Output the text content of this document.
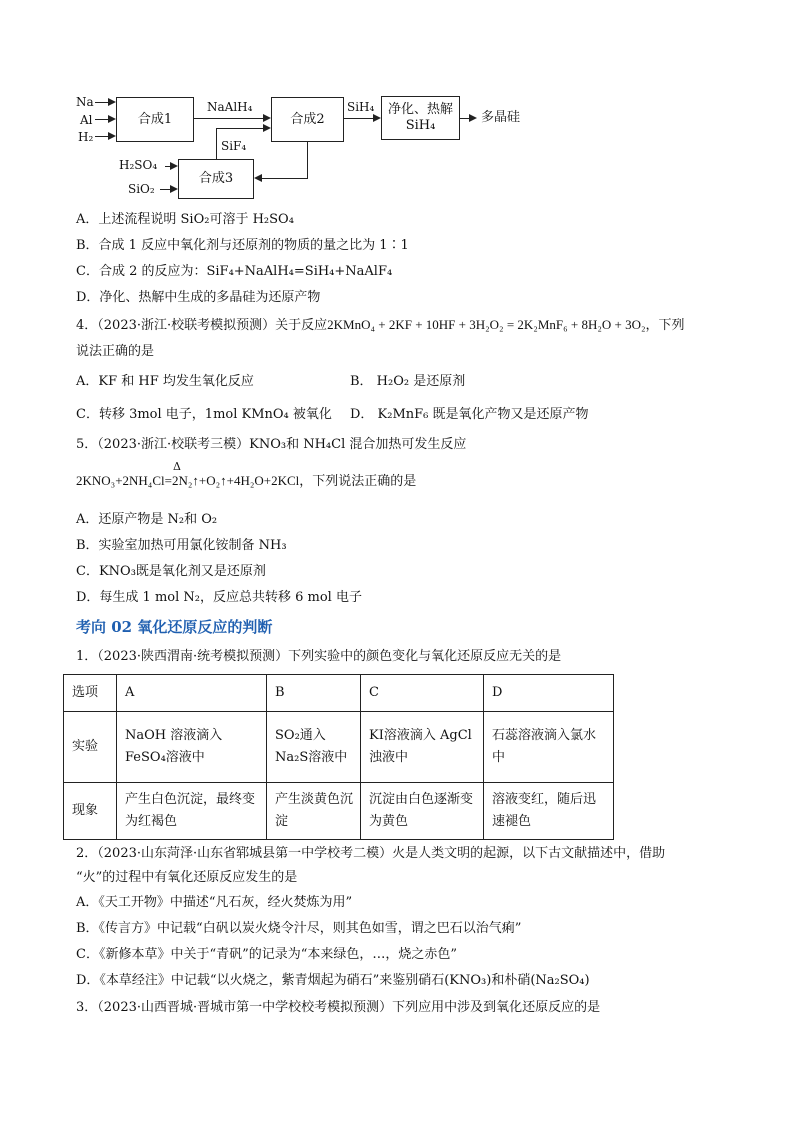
Na
Al
H₂
合成1
NaAlH₄
合成2
SiH₄ 净化、热解
SiH₄
多晶硅
SiF₄
合成3
H₂SO₄
SiO₂
A．上述流程说明 SiO₂可溶于 H₂SO₄
B．合成 1 反应中氧化剂与还原剂的物质的量之比为 1∶1
C．合成 2 的反应为：SiF₄+NaAlH₄=SiH₄+NaAlF₄
D．净化、热解中生成的多晶硅为还原产物
4．（2023·浙江·校联考模拟预测）关于反应2KMnO₄ + 2KF + 10HF + 3H₂O₂ = 2K₂MnF₆ + 8H₂O + 3O₂，下列
说法正确的是
A．KF 和 HF 均发生氧化反应	B． H₂O₂ 是还原剂
C．转移 3mol 电子，1mol KMnO₄ 被氧化 D． K₂MnF₆ 既是氧化产物又是还原产物
5．（2023·浙江·校联考三模）KNO₃和 NH₄Cl 混合加热可发生反应
Δ
2KNO₃+2NH₄Cl=2N₂↑+O₂↑+4H₂O+2KCl，下列说法正确的是
A．还原产物是 N₂和 O₂
B．实验室加热可用氯化铵制备 NH₃
C．KNO₃既是氧化剂又是还原剂
D．每生成 1 mol N₂，反应总共转移 6 mol 电子
考向 02 氧化还原反应的判断
1．（2023·陕西渭南·统考模拟预测）下列实验中的颜色变化与氧化还原反应无关的是
选项	A	B	C	D
实验	NaOH 溶液滴入 FeSO₄溶液中	SO₂通入 Na₂S溶液中	KI溶液滴入 AgCl 浊液中	石蕊溶液滴入氯水中
现象	产生白色沉淀，最终变为红褐色	产生淡黄色沉淀	沉淀由白色逐渐变为黄色	溶液变红，随后迅速褪色
2．（2023·山东菏泽·山东省郓城县第一中学校考二模）火是人类文明的起源，以下古文献描述中，借助
“火”的过程中有氧化还原反应发生的是
A．《天工开物》中描述“凡石灰，经火焚炼为用”
B．《传言方》中记载“白矾以炭火烧令汁尽，则其色如雪，谓之巴石以治气痢”
C．《新修本草》中关于“青矾”的记录为“本来绿色，…，烧之赤色”
D．《本草经注》中记载“以火烧之，紫青烟起为硝石”来鉴别硝石(KNO₃)和朴硝(Na₂SO₄)
3．（2023·山西晋城·晋城市第一中学校校考模拟预测）下列应用中涉及到氧化还原反应的是
